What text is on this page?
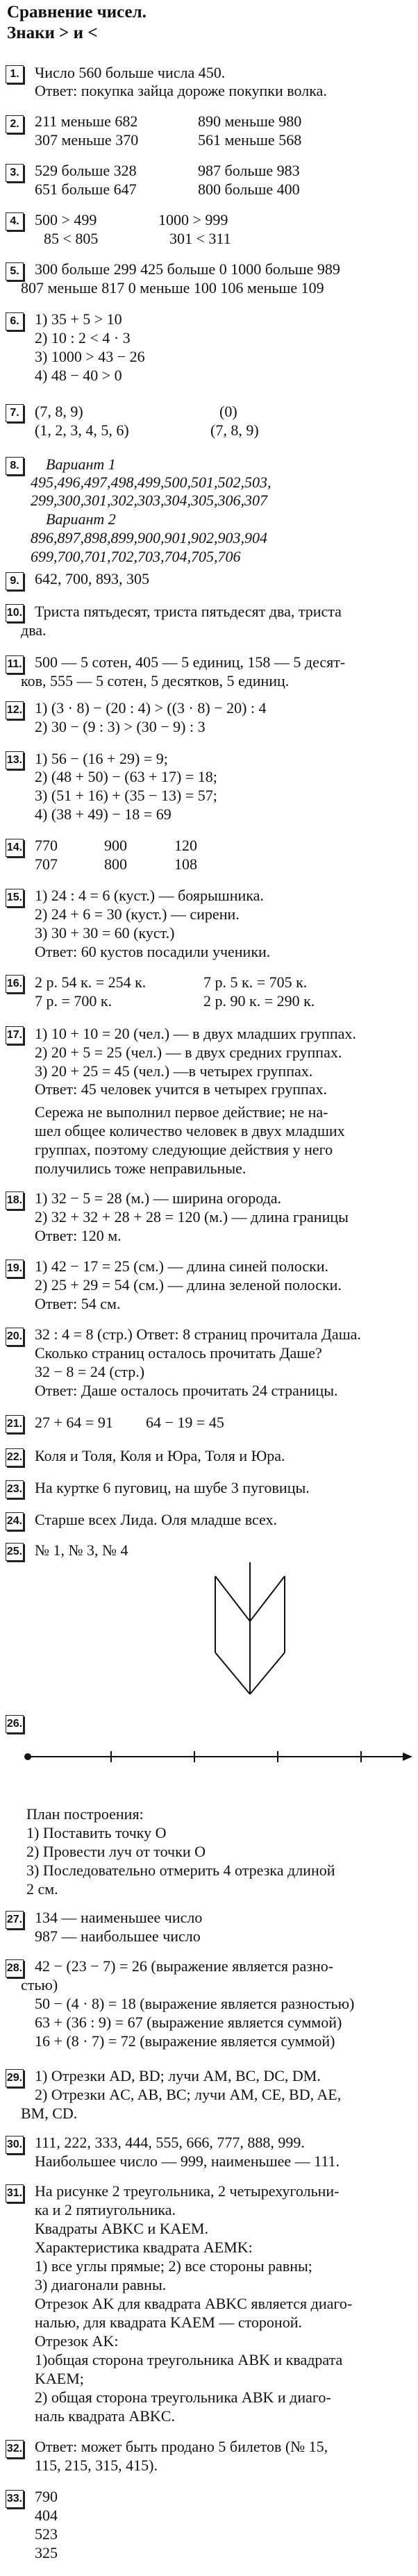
Сравнение чисел.
Знаки > и <
1. Число 560 больше числа 450.
Ответ: покупка зайца дороже покупки волка.
2. 211 меньше 682	890 меньше 980
307 меньше 370	561 меньше 568
3. 529 больше 328	987 больше 983
651 больше 647	800 больше 400
4. 500 > 499	1000 > 999
85 < 805	301 < 311
5. 300 больше 299 425 больше 0 1000 больше 989
807 меньше 817 0 меньше 100 106 меньше 109
6. 1) 35 + 5 > 10
2) 10 : 2 < 4 · 3
3) 1000 > 43 − 26
4) 48 − 40 > 0
7. (7, 8, 9)	(0)
(1, 2, 3, 4, 5, 6)	(7, 8, 9)
8. Вариант 1
495,496,497,498,499,500,501,502,503,
299,300,301,302,303,304,305,306,307
Вариант 2
896,897,898,899,900,901,902,903,904
699,700,701,702,703,704,705,706
9. 642, 700, 893, 305
10. Триста пятьдесят, триста пятьдесят два, триста
два.
11. 500 — 5 сотен, 405 — 5 единиц, 158 — 5 десят-
ков, 555 — 5 сотен, 5 десятков, 5 единиц.
12. 1) (3 · 8) − (20 : 4) > ((3 · 8) − 20) : 4
2) 30 − (9 : 3) > (30 − 9) : 3
13. 1) 56 − (16 + 29) = 9;
2) (48 + 50) − (63 + 17) = 18;
3) (51 + 16) + (35 − 13) = 57;
4) (38 + 49) − 18 = 69
14. 770	900	120
707	800	108
15. 1) 24 : 4 = 6 (куст.) — боярышника.
2) 24 + 6 = 30 (куст.) — сирени.
3) 30 + 30 = 60 (куст.)
Ответ: 60 кустов посадили ученики.
16. 2 р. 54 к. = 254 к.	7 р. 5 к. = 705 к.
7 р. = 700 к.	2 р. 90 к. = 290 к.
17. 1) 10 + 10 = 20 (чел.) — в двух младших группах.
2) 20 + 5 = 25 (чел.) — в двух средних группах.
3) 20 + 25 = 45 (чел.) —в четырех группах.
Ответ: 45 человек учится в четырех группах.
Сережа не выполнил первое действие; не на-
шел общее количество человек в двух младших
группах, поэтому следующие действия у него
получились тоже неправильные.
18. 1) 32 − 5 = 28 (м.) — ширина огорода.
2) 32 + 32 + 28 + 28 = 120 (м.) — длина границы
Ответ: 120 м.
19. 1) 42 − 17 = 25 (см.) — длина синей полоски.
2) 25 + 29 = 54 (см.) — длина зеленой полоски.
Ответ: 54 см.
20. 32 : 4 = 8 (стр.) Ответ: 8 страниц прочитала Даша.
Сколько страниц осталось прочитать Даше?
32 − 8 = 24 (стр.)
Ответ: Даше осталось прочитать 24 страницы.
21. 27 + 64 = 91 64 − 19 = 45
22. Коля и Толя, Коля и Юра, Толя и Юра.
23. На куртке 6 пуговиц, на шубе 3 пуговицы.
24. Старше всех Лида. Оля младше всех.
25. № 1, № 3, № 4
26.
План построения:
1) Поставить точку O
2) Провести луч от точки O
3) Последовательно отмерить 4 отрезка длиной
2 см.
27. 134 — наименьшее число
987 — наибольшее число
28. 42 − (23 − 7) = 26 (выражение является разно-
стью)
50 − (4 · 8) = 18 (выражение является разностью)
63 + (36 : 9) = 67 (выражение является суммой)
16 + (8 · 7) = 72 (выражение является суммой)
29. 1) Отрезки AD, BD; лучи AM, BC, DC, DM.
2) Отрезки AC, AB, BC; лучи AM, CE, BD, AE,
BM, CD.
30. 111, 222, 333, 444, 555, 666, 777, 888, 999.
Наибольшее число — 999, наименьшее — 111.
31. На рисунке 2 треугольника, 2 четырехугольни-
ка и 2 пятиугольника.
Квадраты ABKC и KAEM.
Характеристика квадрата AEMK:
1) все углы прямые; 2) все стороны равны;
3) диагонали равны.
Отрезок AK для квадрата ABKC является диаго-
налью, для квадрата KAEM — стороной.
Отрезок AK:
1)общая сторона треугольника ABK и квадрата
KAEM;
2) общая сторона треугольника ABK и диаго-
наль квадрата ABKC.
32. Ответ: может быть продано 5 билетов (№ 15,
115, 215, 315, 415).
33. 790
404
523
325
